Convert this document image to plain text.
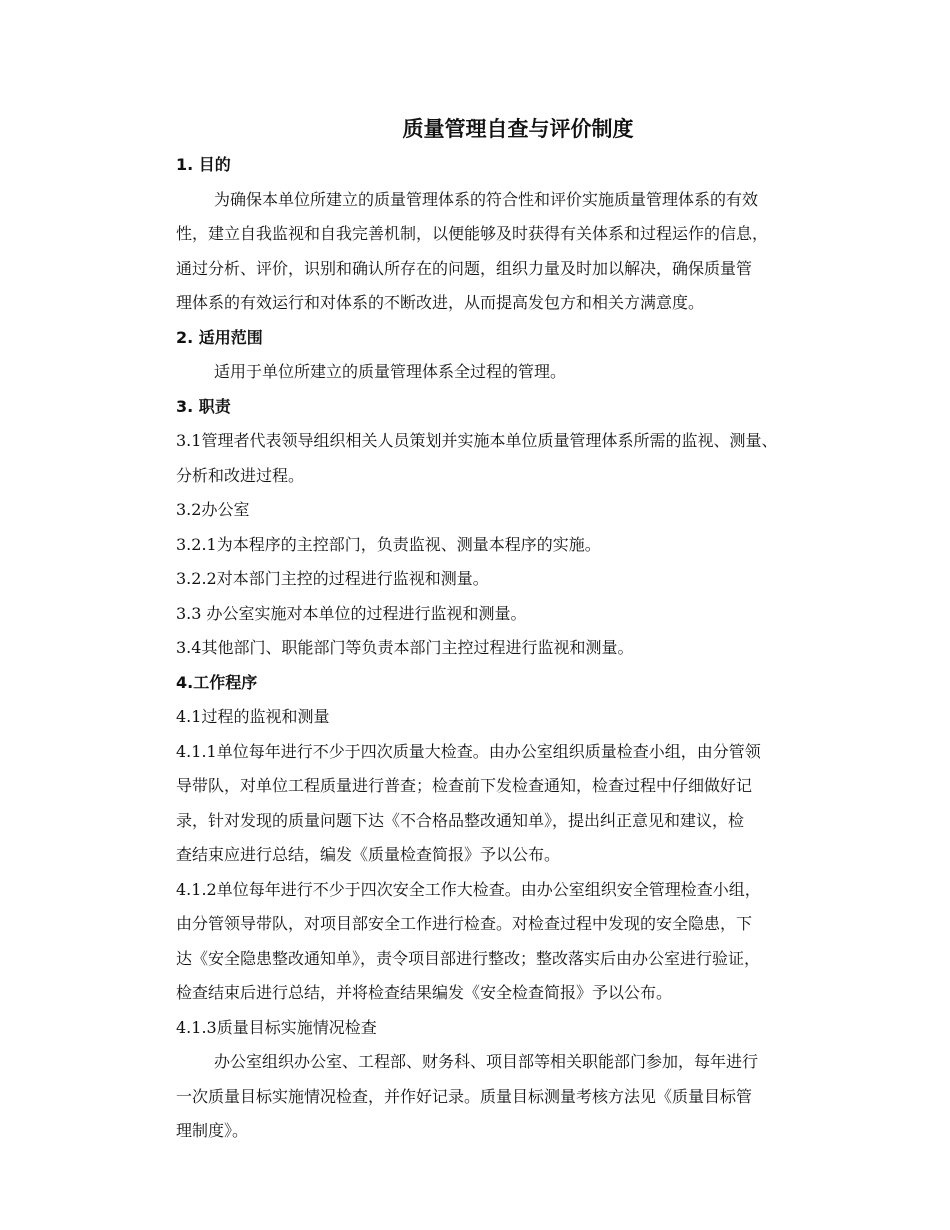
质量管理自查与评价制度
1. 目的
为确保本单位所建立的质量管理体系的符合性和评价实施质量管理体系的有效
性，建立自我监视和自我完善机制，以便能够及时获得有关体系和过程运作的信息，
通过分析、评价，识别和确认所存在的问题，组织力量及时加以解决，确保质量管
理体系的有效运行和对体系的不断改进，从而提高发包方和相关方满意度。
2. 适用范围
适用于单位所建立的质量管理体系全过程的管理。
3. 职责
3.1管理者代表领导组织相关人员策划并实施本单位质量管理体系所需的监视、测量、
分析和改进过程。
3.2办公室
3.2.1为本程序的主控部门，负责监视、测量本程序的实施。
3.2.2对本部门主控的过程进行监视和测量。
3.3 办公室实施对本单位的过程进行监视和测量。
3.4其他部门、职能部门等负责本部门主控过程进行监视和测量。
4.工作程序
4.1过程的监视和测量
4.1.1单位每年进行不少于四次质量大检查。由办公室组织质量检查小组，由分管领
导带队，对单位工程质量进行普查；检查前下发检查通知，检查过程中仔细做好记
录，针对发现的质量问题下达《不合格品整改通知单》，提出纠正意见和建议，检
查结束应进行总结，编发《质量检查简报》予以公布。
4.1.2单位每年进行不少于四次安全工作大检查。由办公室组织安全管理检查小组，
由分管领导带队，对项目部安全工作进行检查。对检查过程中发现的安全隐患，下
达《安全隐患整改通知单》，责令项目部进行整改；整改落实后由办公室进行验证，
检查结束后进行总结，并将检查结果编发《安全检查简报》予以公布。
4.1.3质量目标实施情况检查
办公室组织办公室、工程部、财务科、项目部等相关职能部门参加，每年进行
一次质量目标实施情况检查，并作好记录。质量目标测量考核方法见《质量目标管
理制度》。
